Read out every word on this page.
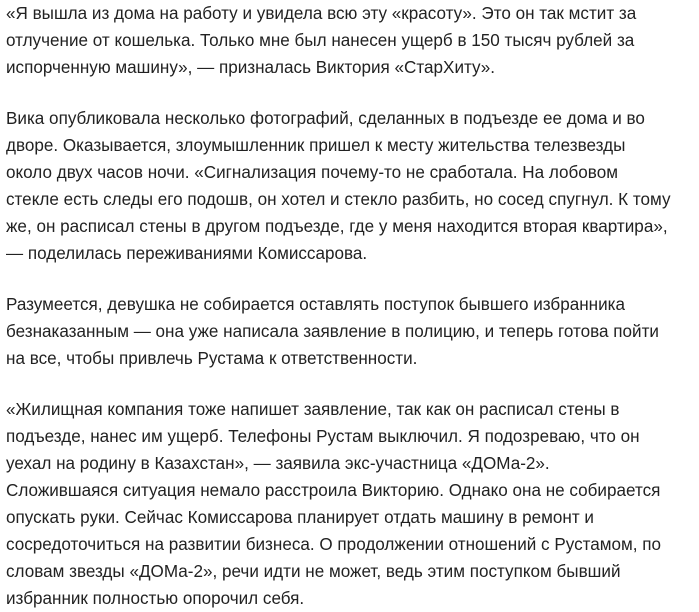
«Я вышла из дома на работу и увидела всю эту «красоту». Это он так мстит за
отлучение от кошелька. Только мне был нанесен ущерб в 150 тысяч рублей за
испорченную машину», — призналась Виктория «СтарХиту».

Вика опубликовала несколько фотографий, сделанных в подъезде ее дома и во
дворе. Оказывается, злоумышленник пришел к месту жительства телезвезды
около двух часов ночи. «Сигнализация почему-то не сработала. На лобовом
стекле есть следы его подошв, он хотел и стекло разбить, но сосед спугнул. К тому
же, он расписал стены в другом подъезде, где у меня находится вторая квартира»,
— поделилась переживаниями Комиссарова.

Разумеется, девушка не собирается оставлять поступок бывшего избранника
безнаказанным — она уже написала заявление в полицию, и теперь готова пойти
на все, чтобы привлечь Рустама к ответственности.

«Жилищная компания тоже напишет заявление, так как он расписал стены в
подъезде, нанес им ущерб. Телефоны Рустам выключил. Я подозреваю, что он
уехал на родину в Казахстан», — заявила экс-участница «ДОМа-2».
Сложившаяся ситуация немало расстроила Викторию. Однако она не собирается
опускать руки. Сейчас Комиссарова планирует отдать машину в ремонт и
сосредоточиться на развитии бизнеса. О продолжении отношений с Рустамом, по
словам звезды «ДОМа-2», речи идти не может, ведь этим поступком бывший
избранник полностью опорочил себя.
